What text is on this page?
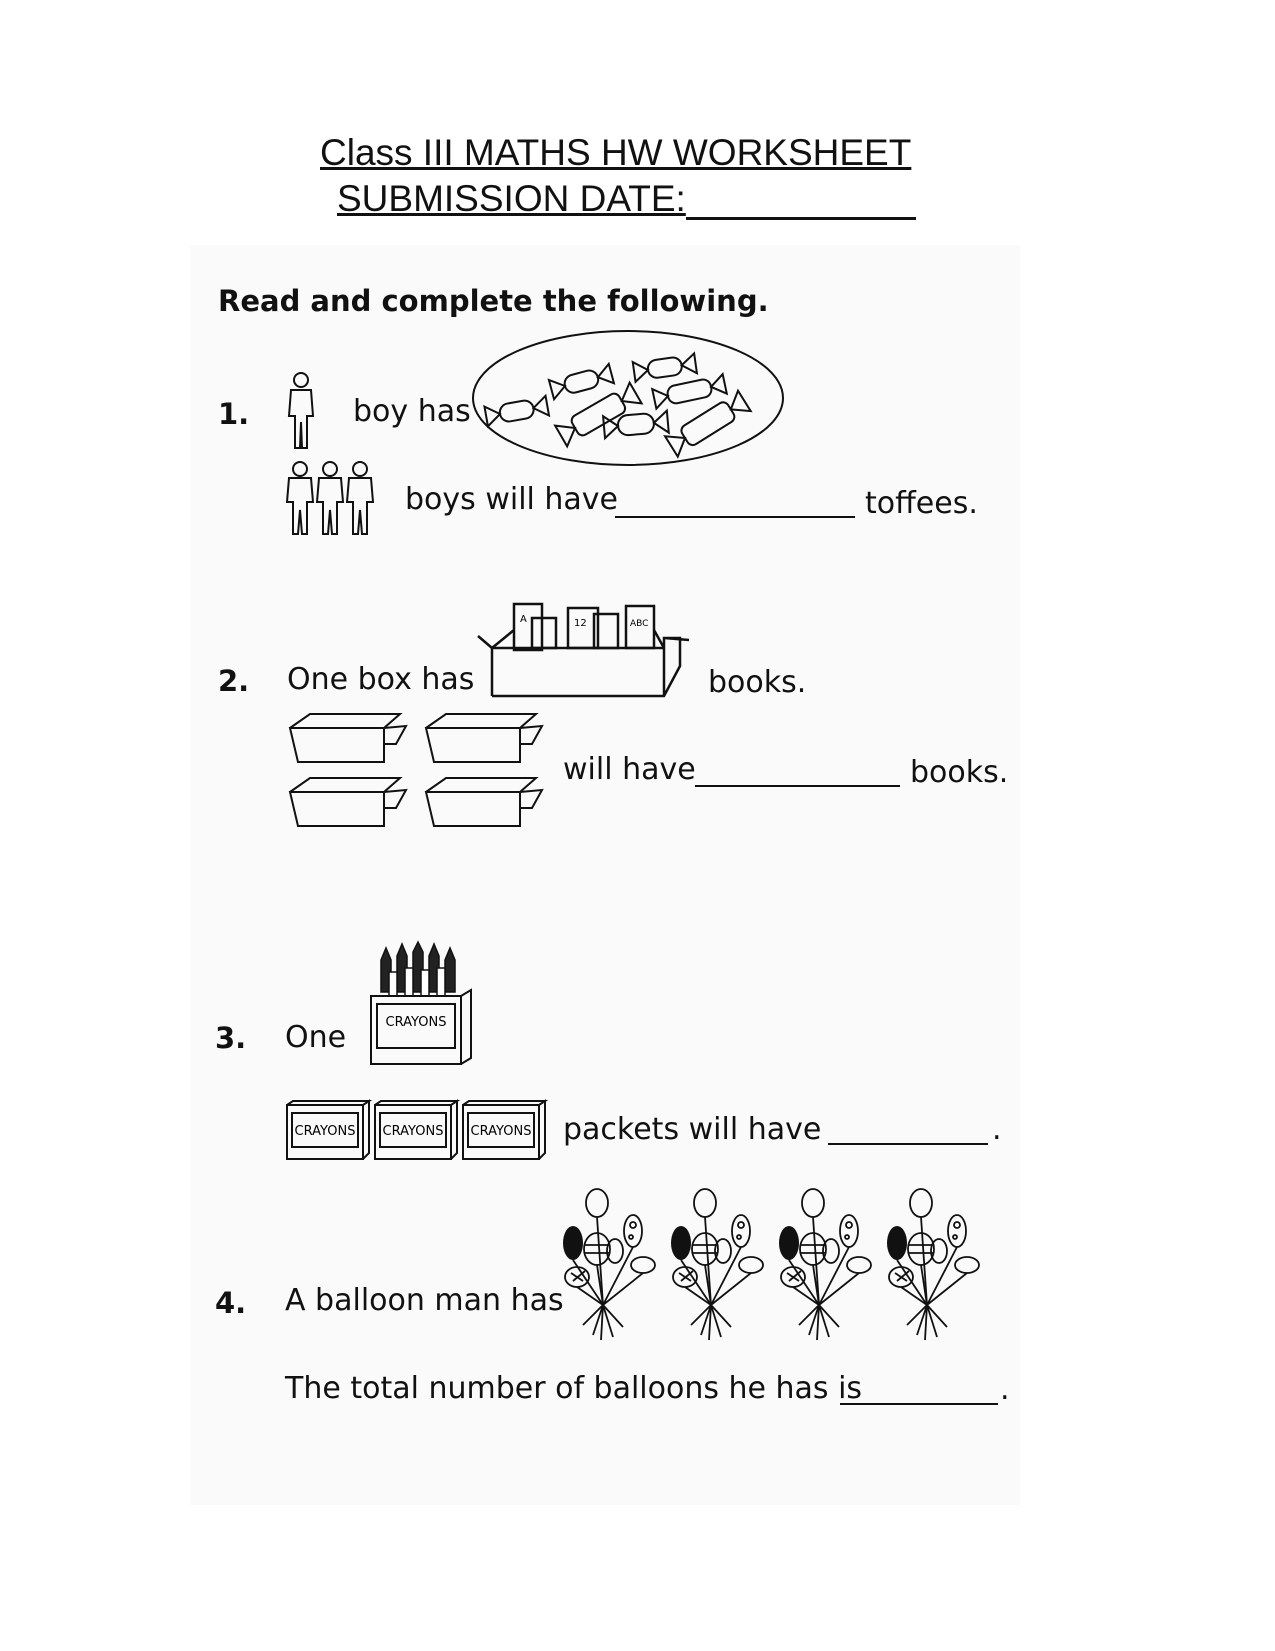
Class III MATHS HW WORKSHEET
SUBMISSION DATE:
Read and complete the following.
1.	boy has
boys will have	toffees.
2. One box has
A	12	ABC
books.
will have	books.
3. One	CRAYONS
CRAYONS CRAYONS CRAYONS packets will have	.
4. A balloon man has
The total number of balloons he has is	.
